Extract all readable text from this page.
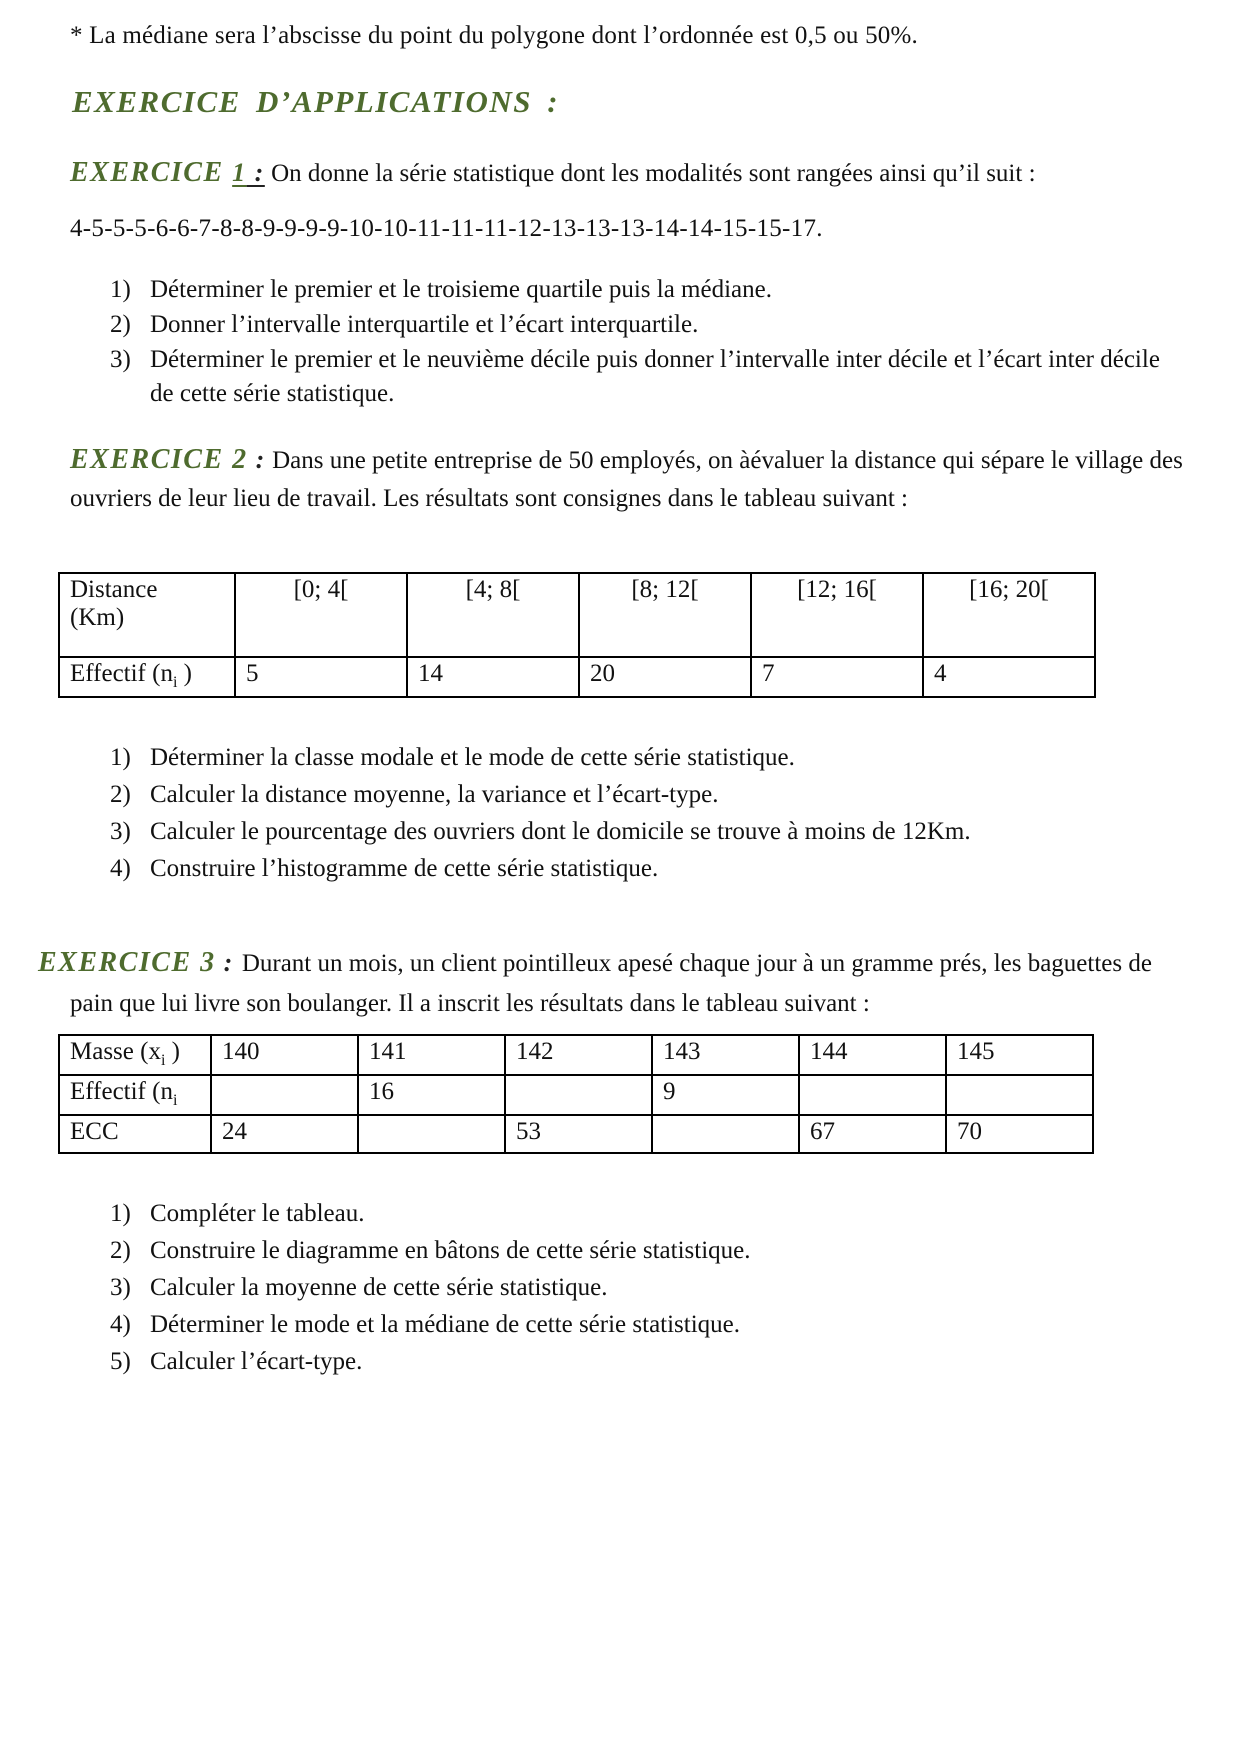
* La médiane sera l’abscisse du point du polygone dont l’ordonnée est 0,5 ou 50%.

EXERCICE D’APPLICATIONS :

EXERCICE 1 : On donne la série statistique dont les modalités sont rangées ainsi qu’il suit :

4-5-5-5-6-6-7-8-8-9-9-9-9-10-10-11-11-11-12-13-13-13-14-14-15-15-17.

1) Déterminer le premier et le troisieme quartile puis la médiane.
2) Donner l’intervalle interquartile et l’écart interquartile.
3) Déterminer le premier et le neuvième décile puis donner l’intervalle inter décile et l’écart inter décile de cette série statistique.

EXERCICE 2 : Dans une petite entreprise de 50 employés, on àévaluer la distance qui sépare le village des ouvriers de leur lieu de travail. Les résultats sont consignes dans le tableau suivant :

Distance
(Km)	[0; 4[	[4; 8[	[8; 12[	[12; 16[	[16; 20[
Effectif ($n_i$ )	5	14	20	7	4
1) Déterminer la classe modale et le mode de cette série statistique.
2) Calculer la distance moyenne, la variance et l’écart-type.
3) Calculer le pourcentage des ouvriers dont le domicile se trouve à moins de 12Km.
4) Construire l’histogramme de cette série statistique.

EXERCICE 3 : Durant un mois, un client pointilleux apesé chaque jour à un gramme prés, les baguettes de pain que lui livre son boulanger. Il a inscrit les résultats dans le tableau suivant :

Masse ($x_i$ )	140	141	142	143	144	145
Effectif ($n_i$		16		9		
ECC	24		53		67	70
1) Compléter le tableau.
2) Construire le diagramme en bâtons de cette série statistique.
3) Calculer la moyenne de cette série statistique.
4) Déterminer le mode et la médiane de cette série statistique.
5) Calculer l’écart-type.
